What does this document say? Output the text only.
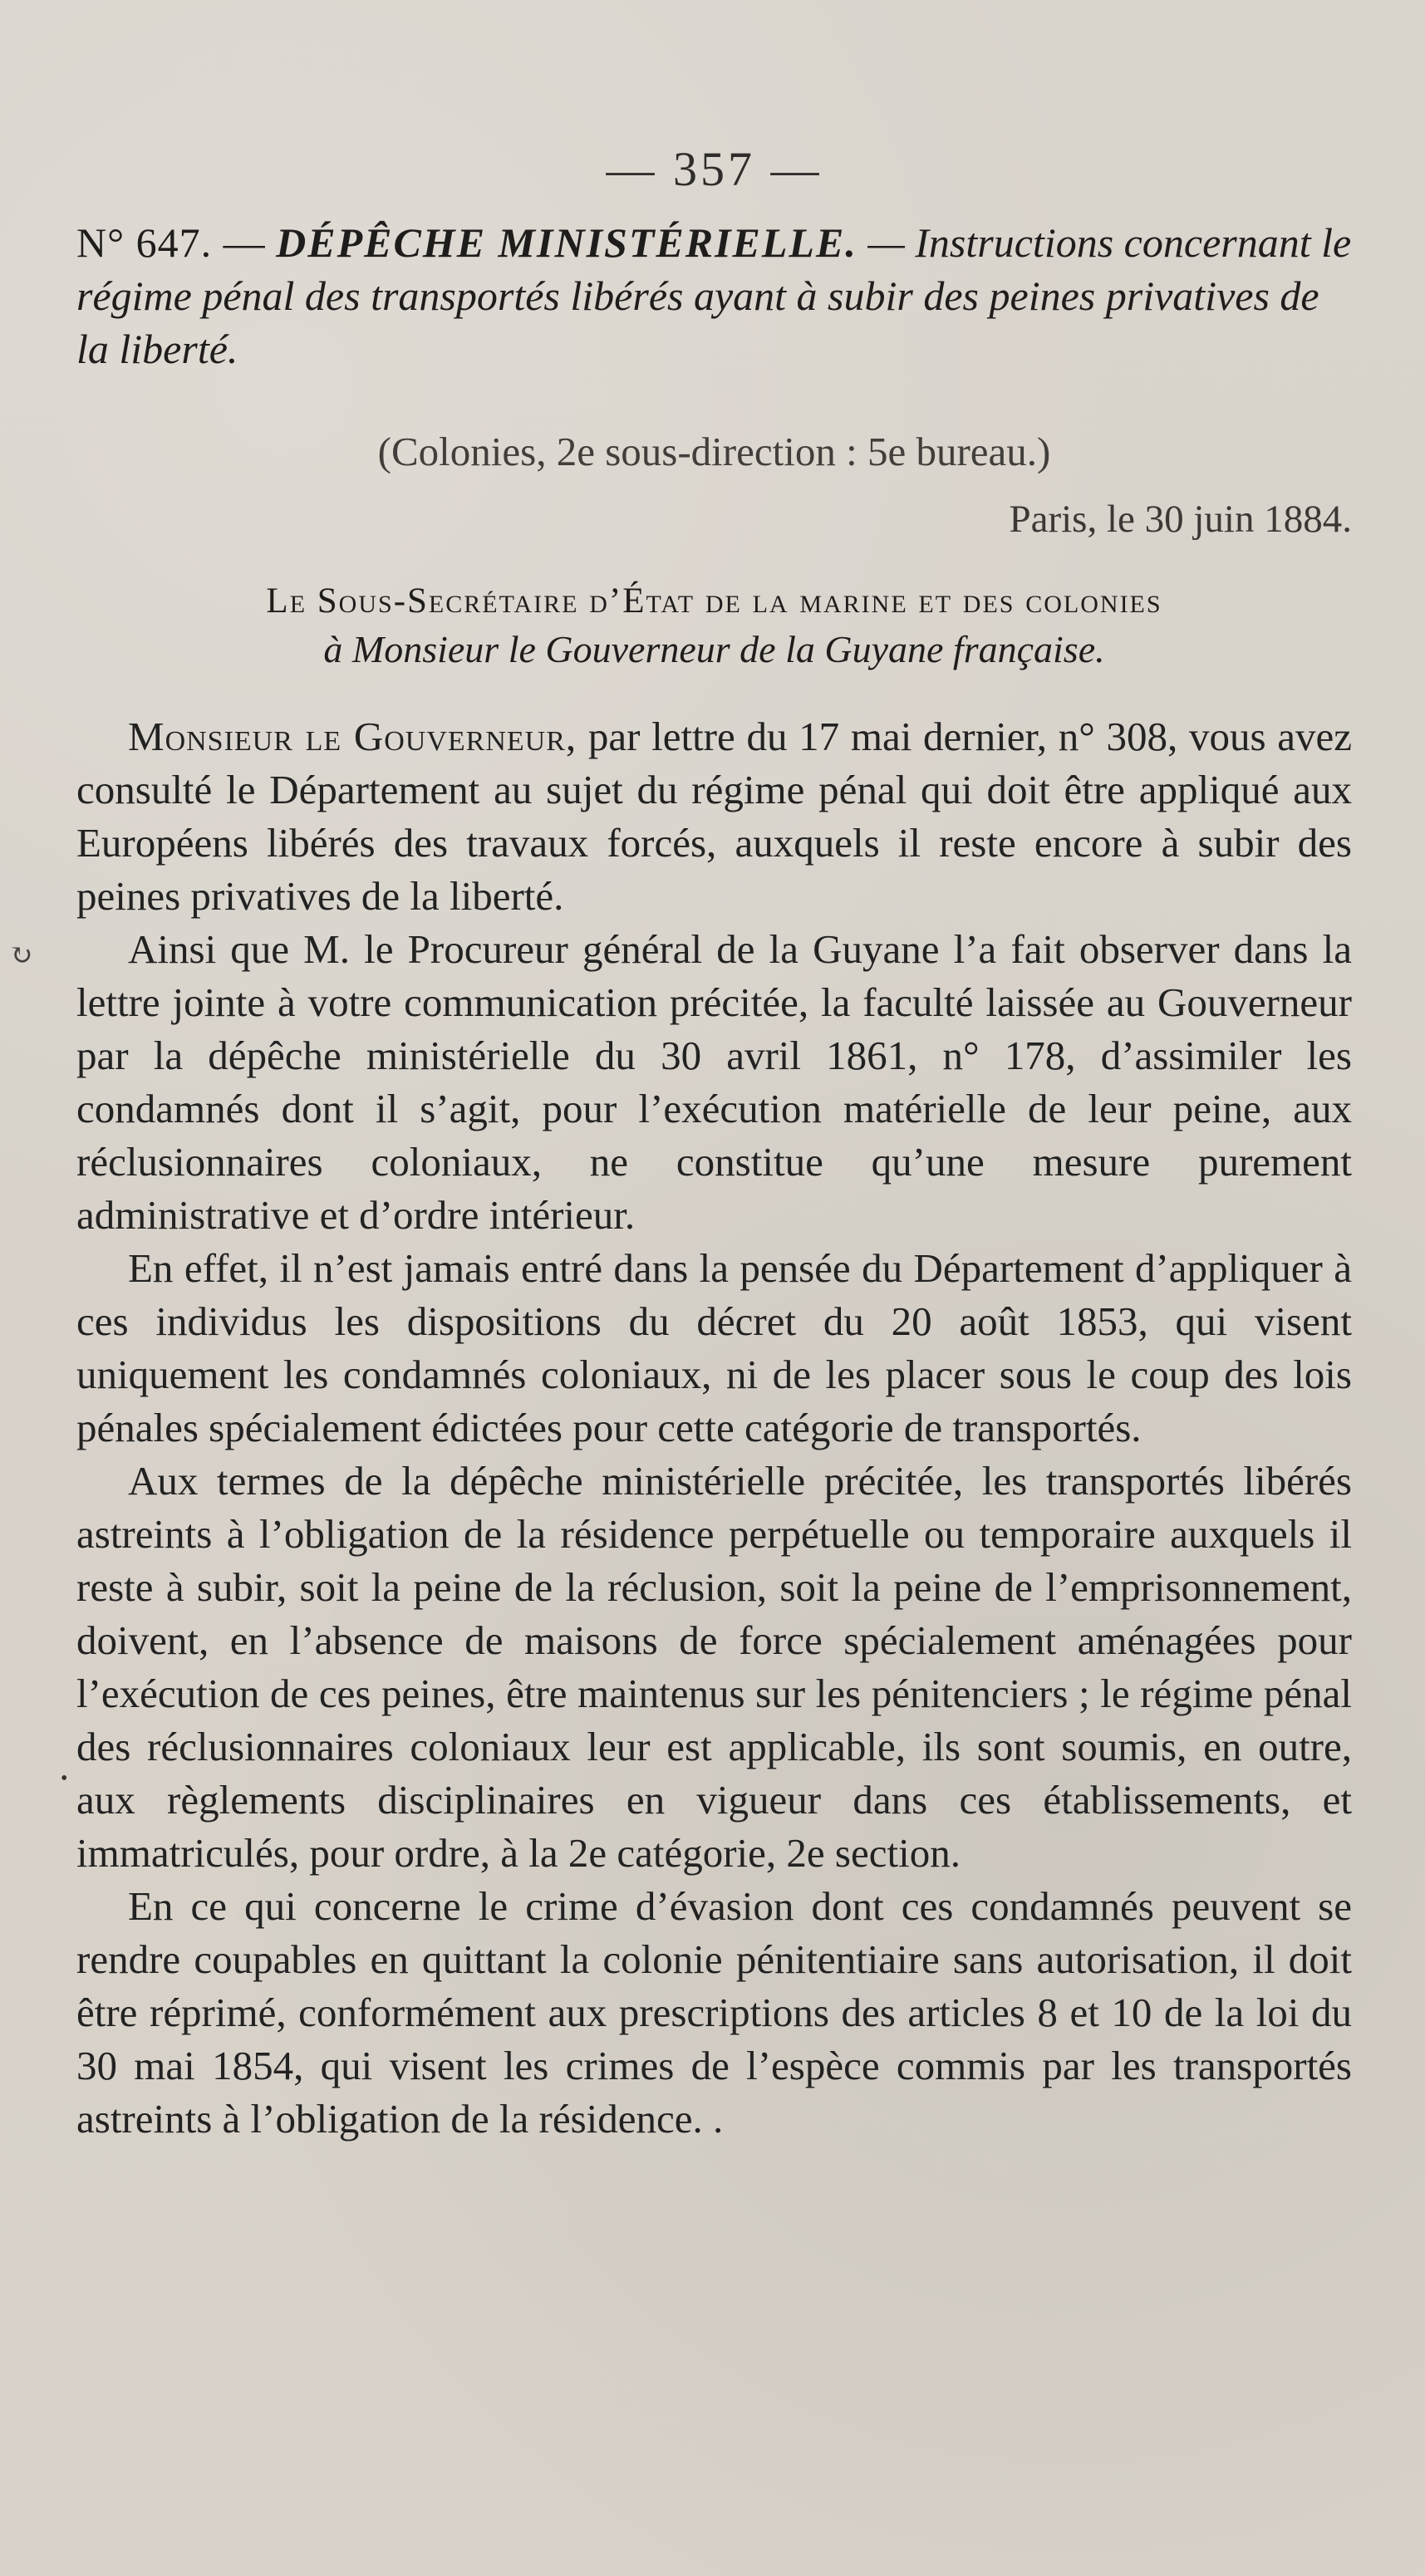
↻
•
— 357 —
N° 647. — DÉPÊCHE MINISTÉRIELLE. — Instructions concernant le régime pénal des transportés libérés ayant à subir des peines privatives de la liberté.
(Colonies, 2e sous-direction : 5e bureau.)
Paris, le 30 juin 1884.
Le Sous-Secrétaire d’État de la marine et des colonies
à Monsieur le Gouverneur de la Guyane française.

Monsieur le Gouverneur, par lettre du 17 mai dernier, n° 308, vous avez consulté le Département au sujet du régime pénal qui doit être appliqué aux Européens libérés des travaux forcés, auxquels il reste encore à subir des peines privatives de la liberté.

Ainsi que M. le Procureur général de la Guyane l’a fait observer dans la lettre jointe à votre communication précitée, la faculté laissée au Gouverneur par la dépêche ministérielle du 30 avril 1861, n° 178, d’assimiler les condamnés dont il s’agit, pour l’exécution matérielle de leur peine, aux réclusionnaires coloniaux, ne constitue qu’une mesure purement administrative et d’ordre intérieur.

En effet, il n’est jamais entré dans la pensée du Département d’appliquer à ces individus les dispositions du décret du 20 août 1853, qui visent uniquement les condamnés coloniaux, ni de les placer sous le coup des lois pénales spécialement édictées pour cette catégorie de transportés.

Aux termes de la dépêche ministérielle précitée, les transportés libérés astreints à l’obligation de la résidence perpétuelle ou temporaire auxquels il reste à subir, soit la peine de la réclusion, soit la peine de l’emprisonnement, doivent, en l’absence de maisons de force spécialement aménagées pour l’exécution de ces peines, être maintenus sur les pénitenciers ; le régime pénal des réclusionnaires coloniaux leur est applicable, ils sont soumis, en outre, aux règlements disciplinaires en vigueur dans ces établissements, et immatriculés, pour ordre, à la 2e catégorie, 2e section.

En ce qui concerne le crime d’évasion dont ces condamnés peuvent se rendre coupables en quittant la colonie pénitentiaire sans autorisation, il doit être réprimé, conformément aux prescriptions des articles 8 et 10 de la loi du 30 mai 1854, qui visent les crimes de l’espèce commis par les transportés astreints à l’obligation de la résidence. .
